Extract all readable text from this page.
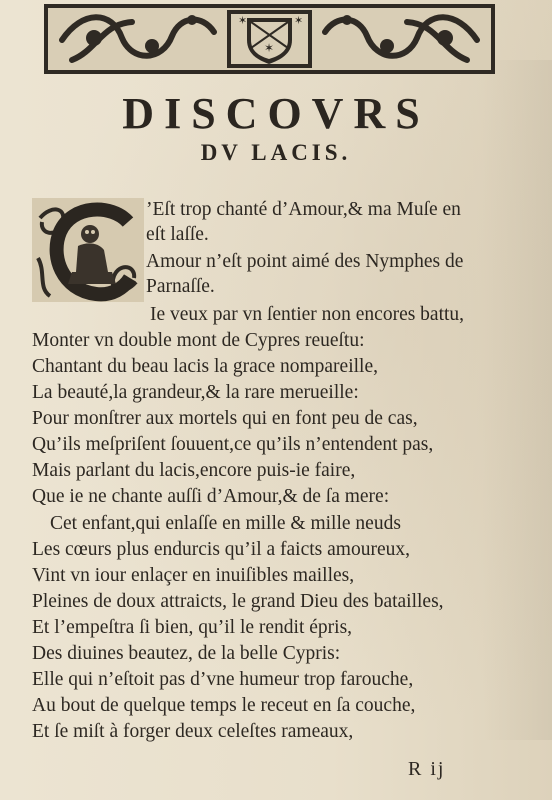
✶
✶	✶
DISCOVRS
DV LACIS.
’Eſt trop chanté d’Amour,& ma Muſe en
eſt laſſe.
Amour n’eſt point aimé des Nymphes de
Parnaſſe.
Ie veux par vn ſentier non encores battu,
Monter vn double mont de Cypres reueſtu:
Chantant du beau lacis la grace nompareille,
La beauté,la grandeur,& la rare merueille:
Pour monſtrer aux mortels qui en font peu de cas,
Qu’ils meſpriſent ſouuent,ce qu’ils n’entendent pas,
Mais parlant du lacis,encore puis-ie faire,
Que ie ne chante auſſi d’Amour,& de ſa mere:
Cet enfant,qui enlaſſe en mille & mille neuds
Les cœurs plus endurcis qu’il a faicts amoureux,
Vint vn iour enlaçer en inuiſibles mailles,
Pleines de doux attraicts, le grand Dieu des batailles,
Et l’empeſtra ſi bien, qu’il le rendit épris,
Des diuines beautez, de la belle Cypris:
Elle qui n’eſtoit pas d’vne humeur trop farouche,
Au bout de quelque temps le receut en ſa couche,
Et ſe miſt à forger deux celeſtes rameaux,
R ij
